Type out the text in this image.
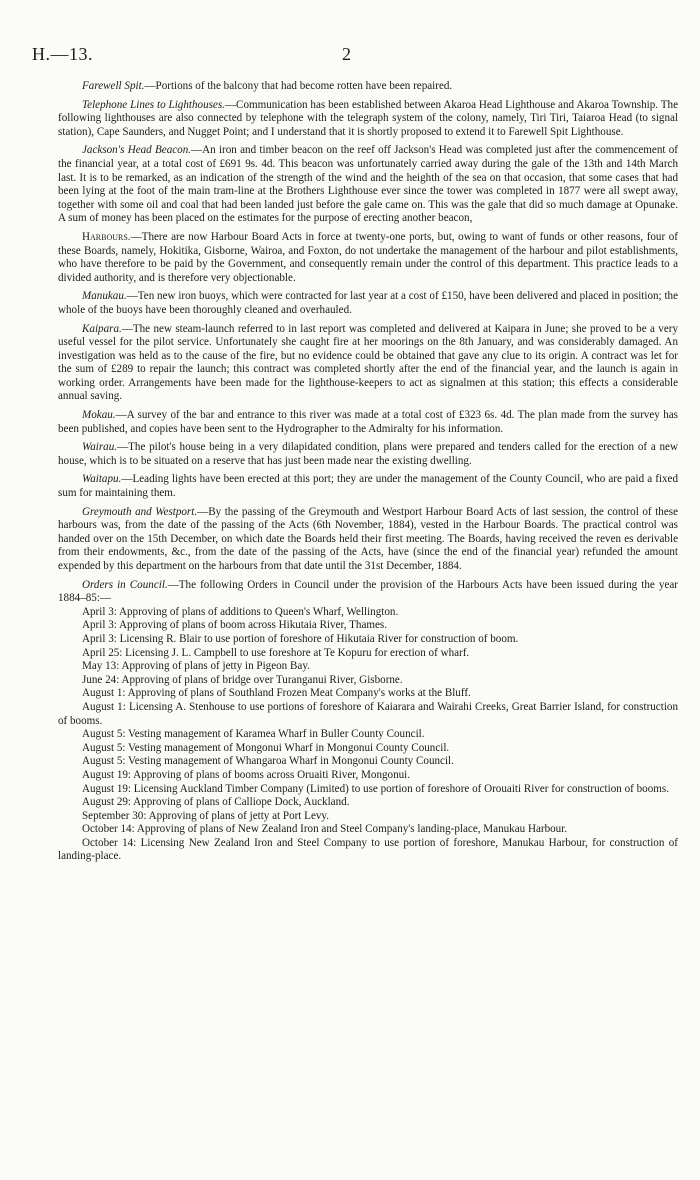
H.—13.	2

Farewell Spit.—Portions of the balcony that had become rotten have been repaired.

Telephone Lines to Lighthouses.—Communication has been established between Akaroa Head Lighthouse and Akaroa Township. The following lighthouses are also connected by telephone with the telegraph system of the colony, namely, Tiri Tiri, Taiaroa Head (to signal station), Cape Saunders, and Nugget Point; and I understand that it is shortly proposed to extend it to Farewell Spit Lighthouse.

Jackson's Head Beacon.—An iron and timber beacon on the reef off Jackson's Head was completed just after the commencement of the financial year, at a total cost of £691 9s. 4d. This beacon was unfortunately carried away during the gale of the 13th and 14th March last. It is to be remarked, as an indication of the strength of the wind and the heighth of the sea on that occasion, that some cases that had been lying at the foot of the main tram-line at the Brothers Lighthouse ever since the tower was completed in 1877 were all swept away, together with some oil and coal that had been landed just before the gale came on. This was the gale that did so much damage at Opunake. A sum of money has been placed on the estimates for the purpose of erecting another beacon,

Harbours.—There are now Harbour Board Acts in force at twenty-one ports, but, owing to want of funds or other reasons, four of these Boards, namely, Hokitika, Gisborne, Wairoa, and Foxton, do not undertake the management of the harbour and pilot establishments, who have therefore to be paid by the Government, and consequently remain under the control of this department. This practice leads to a divided authority, and is therefore very objectionable.

Manukau.—Ten new iron buoys, which were contracted for last year at a cost of £150, have been delivered and placed in position; the whole of the buoys have been thoroughly cleaned and overhauled.

Kaipara.—The new steam-launch referred to in last report was completed and delivered at Kaipara in June; she proved to be a very useful vessel for the pilot service. Unfortunately she caught fire at her moorings on the 8th January, and was considerably damaged. An investigation was held as to the cause of the fire, but no evidence could be obtained that gave any clue to its origin. A contract was let for the sum of £289 to repair the launch; this contract was completed shortly after the end of the financial year, and the launch is again in working order. Arrangements have been made for the lighthouse-keepers to act as signalmen at this station; this effects a considerable annual saving.

Mokau.—A survey of the bar and entrance to this river was made at a total cost of £323 6s. 4d. The plan made from the survey has been published, and copies have been sent to the Hydrographer to the Admiralty for his information.

Wairau.—The pilot's house being in a very dilapidated condition, plans were prepared and tenders called for the erection of a new house, which is to be situated on a reserve that has just been made near the existing dwelling.

Waitapu.—Leading lights have been erected at this port; they are under the management of the County Council, who are paid a fixed sum for maintaining them.

Greymouth and Westport.—By the passing of the Greymouth and Westport Harbour Board Acts of last session, the control of these harbours was, from the date of the passing of the Acts (6th November, 1884), vested in the Harbour Boards. The practical control was handed over on the 15th December, on which date the Boards held their first meeting. The Boards, having received the reven es derivable from their endowments, &c., from the date of the passing of the Acts, have (since the end of the financial year) refunded the amount expended by this department on the harbours from that date until the 31st December, 1884.

Orders in Council.—The following Orders in Council under the provision of the Harbours Acts have been issued during the year 1884–85:—

April 3: Approving of plans of additions to Queen's Wharf, Wellington.
April 3: Approving of plans of boom across Hikutaia River, Thames.
April 3: Licensing R. Blair to use portion of foreshore of Hikutaia River for construction of boom.
April 25: Licensing J. L. Campbell to use foreshore at Te Kopuru for erection of wharf.
May 13: Approving of plans of jetty in Pigeon Bay.
June 24: Approving of plans of bridge over Turanganui River, Gisborne.
August 1: Approving of plans of Southland Frozen Meat Company's works at the Bluff.
August 1: Licensing A. Stenhouse to use portions of foreshore of Kaiarara and Wairahi Creeks, Great Barrier Island, for construction of booms.
August 5: Vesting management of Karamea Wharf in Buller County Council.
August 5: Vesting management of Mongonui Wharf in Mongonui County Council.
August 5: Vesting management of Whangaroa Wharf in Mongonui County Council.
August 19: Approving of plans of booms across Oruaiti River, Mongonui.
August 19: Licensing Auckland Timber Company (Limited) to use portion of foreshore of Orouaiti River for construction of booms.
August 29: Approving of plans of Calliope Dock, Auckland.
September 30: Approving of plans of jetty at Port Levy.
October 14: Approving of plans of New Zealand Iron and Steel Company's landing-place, Manukau Harbour.
October 14: Licensing New Zealand Iron and Steel Company to use portion of foreshore, Manukau Harbour, for construction of landing-place.
